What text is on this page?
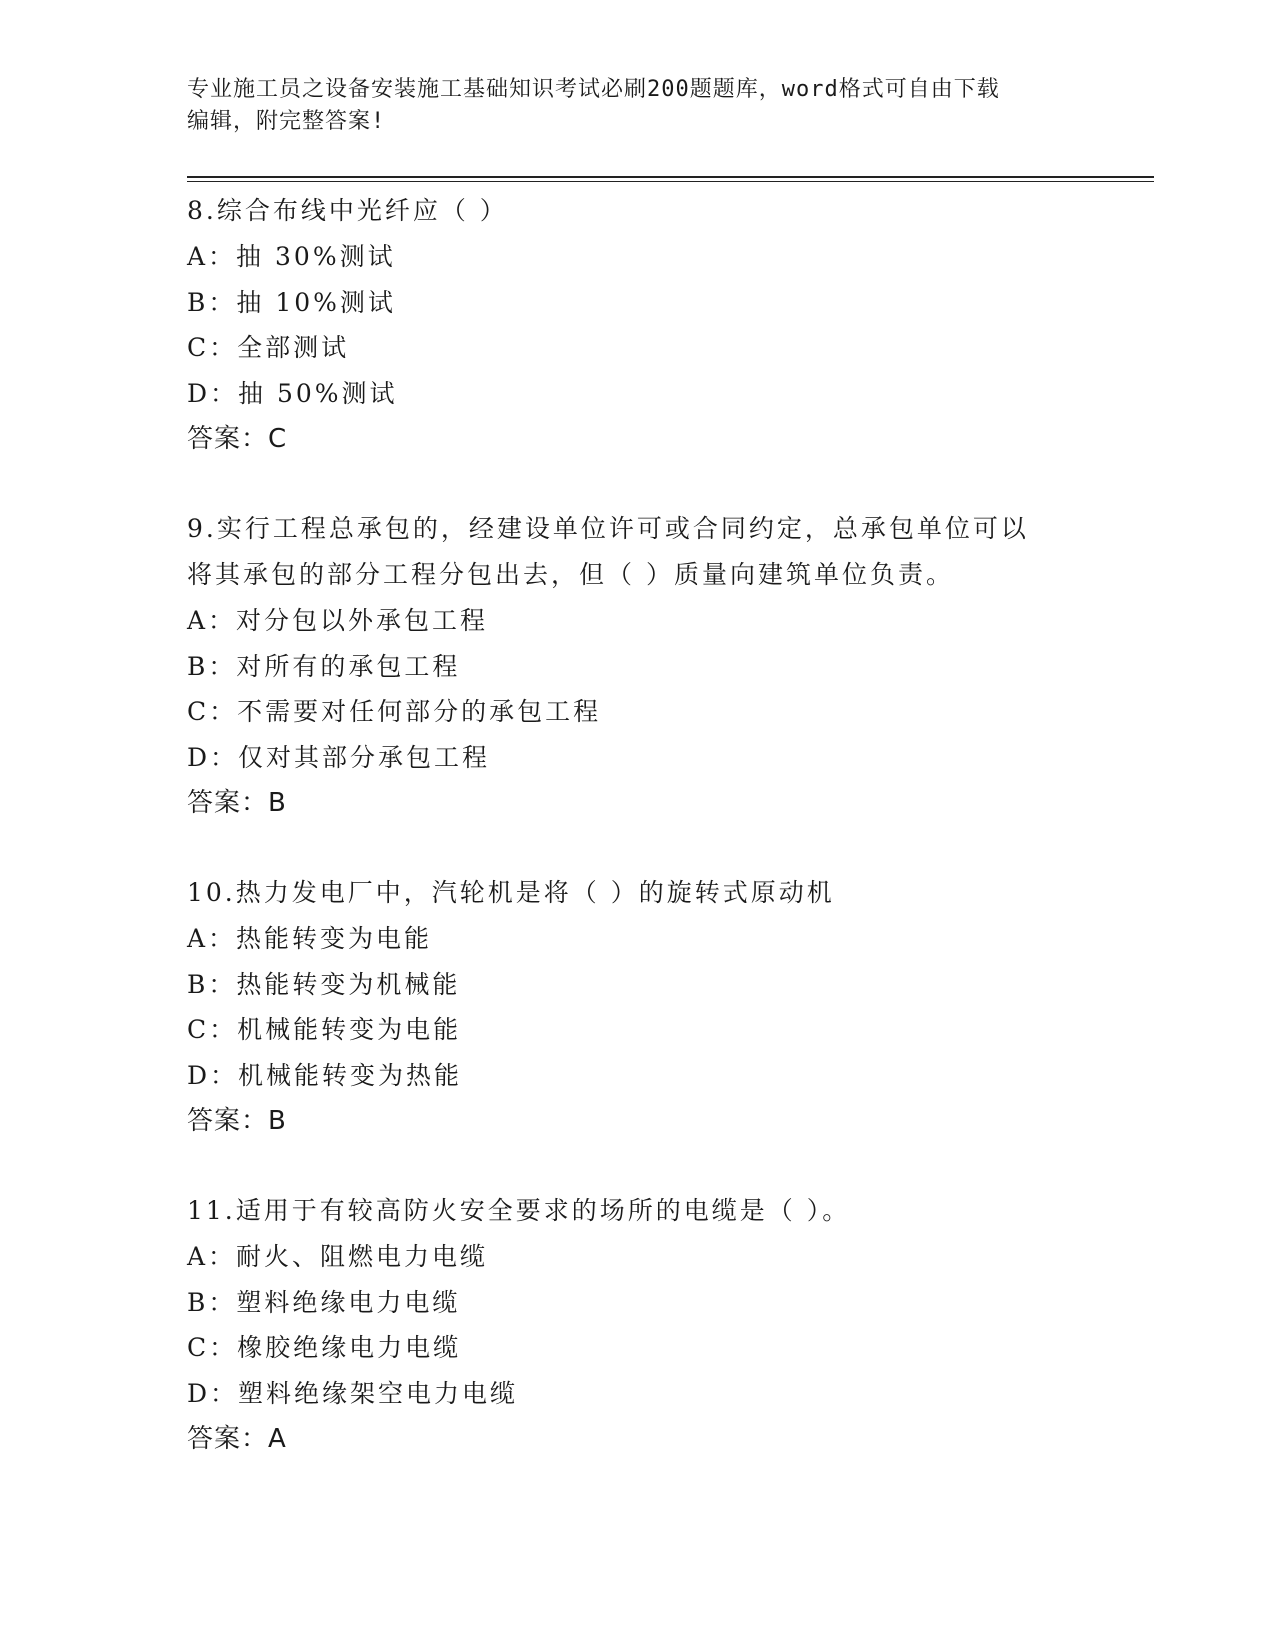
专业施工员之设备安装施工基础知识考试必刷200题题库，word格式可自由下载
编辑，附完整答案!
8.综合布线中光纤应（ ）
A：抽 30%测试
B：抽 10%测试
C：全部测试
D：抽 50%测试
答案：C
9.实行工程总承包的，经建设单位许可或合同约定，总承包单位可以
将其承包的部分工程分包出去，但（ ）质量向建筑单位负责。
A：对分包以外承包工程
B：对所有的承包工程
C：不需要对任何部分的承包工程
D：仅对其部分承包工程
答案：B
10.热力发电厂中，汽轮机是将（ ）的旋转式原动机
A：热能转变为电能
B：热能转变为机械能
C：机械能转变为电能
D：机械能转变为热能
答案：B
11.适用于有较高防火安全要求的场所的电缆是（ ）。
A：耐火、阻燃电力电缆
B：塑料绝缘电力电缆
C：橡胶绝缘电力电缆
D：塑料绝缘架空电力电缆
答案：A
